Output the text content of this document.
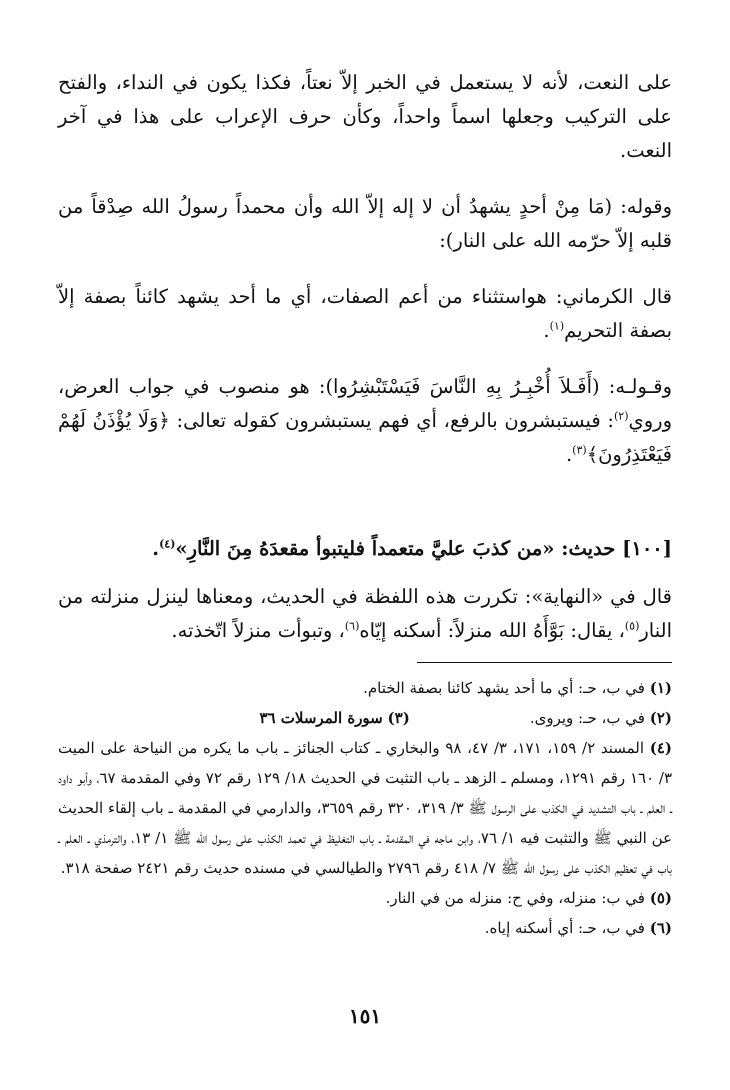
على النعت، لأنه لا يستعمل في الخبر إلاّ نعتاً، فكذا يكون في النداء، والفتح على التركيب وجعلها اسماً واحداً، وكأن حرف الإعراب على هذا في آخر النعت.

وقوله: (مَا مِنْ أحدٍ يشهدُ أن لا إله إلاّ الله وأن محمداً رسولُ الله صِدْقاً من قلبه إلاّ حرّمه الله على النار):

قال الكرماني: هواستثناء من أعم الصفات، أي ما أحد يشهد كائناً بصفة إلاّ بصفة التحريم$^{(١)}$.

وقـولـه: (أَفَـلاَ أُخْبِـرُ بِهِ النَّاسَ فَيَسْتَبْشِرُوا): هو منصوب في جواب العرض، وروي$^{(٢)}$: فيستبشرون بالرفع، أي فهم يستبشرون كقوله تعالى: ﴿وَلَا يُؤْذَنُ لَهُمْ فَيَعْتَذِرُونَ﴾$^{(٣)}$.

[١٠٠] حديث: «من كذبَ عليَّ متعمداً فليتبوأ مقعدَهُ مِنَ النَّارِ»$^{(٤)}$.

قال في «النهاية»: تكررت هذه اللفظة في الحديث، ومعناها لينزل منزلته من النار$^{(٥)}$، يقال: بَوَّأَهُ الله منزلاً: أسكنه إيّاه$^{(٦)}$، وتبوأت منزلاً اتّخذته.

(١) في ب، حـ: أي ما أحد يشهد كائنا بصفة الختام.

(٢) في ب، حـ: ويروى.
(٣) سورة المرسلات ٣٦

(٤) المسند ٢/ ١٥٩، ١٧١، ٣/ ٤٧، ٩٨ والبخاري ـ كتاب الجنائز ـ باب ما يكره من النياحة على الميت ٣/ ١٦٠ رقم ١٢٩١، ومسلم ـ الزهد ـ باب التثبت في الحديث ١٨/ ١٢٩ رقم ٧٢ وفي المقدمة ٦٧، وأبو داود ـ العلم ـ باب التشديد في الكذب على الرسول ﷺ ٣/ ٣١٩، ٣٢٠ رقم ٣٦٥٩، والدارمي في المقدمة ـ باب إلقاء الحديث عن النبي ﷺ والتثبت فيه ١/ ٧٦، وابن ماجه في المقدمة ـ باب التغليظ في تعمد الكذب على رسول الله ﷺ ١/ ١٣، والترمذي ـ العلم ـ باب في تعظيم الكذب على رسول الله ﷺ ٧/ ٤١٨ رقم ٢٧٩٦ والطيالسي في مسنده حديث رقم ٢٤٢١ صفحة ٣١٨.

(٥) في ب: منزله، وفي ح: منزله من في النار.

(٦) في ب، حـ: أي أسكنه إياه.

١٥١
